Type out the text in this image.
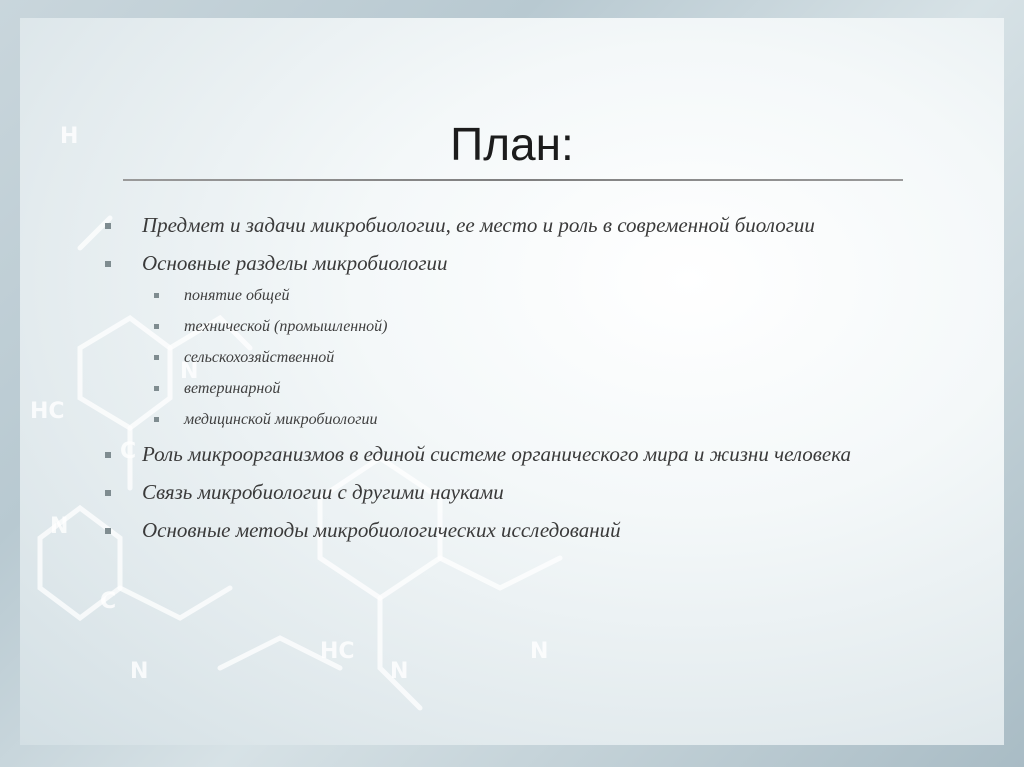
H
N
HC
C
N
C
N
HC
N
N
План:
Предмет и задачи микробиологии, ее место и роль в современной биологии
Основные разделы микробиологии
понятие общей
технической (промышленной)
сельскохозяйственной
ветеринарной
медицинской микробиологии
Роль микроорганизмов в единой системе органического мира и жизни человека
Связь микробиологии с другими науками
Основные методы микробиологических исследований
